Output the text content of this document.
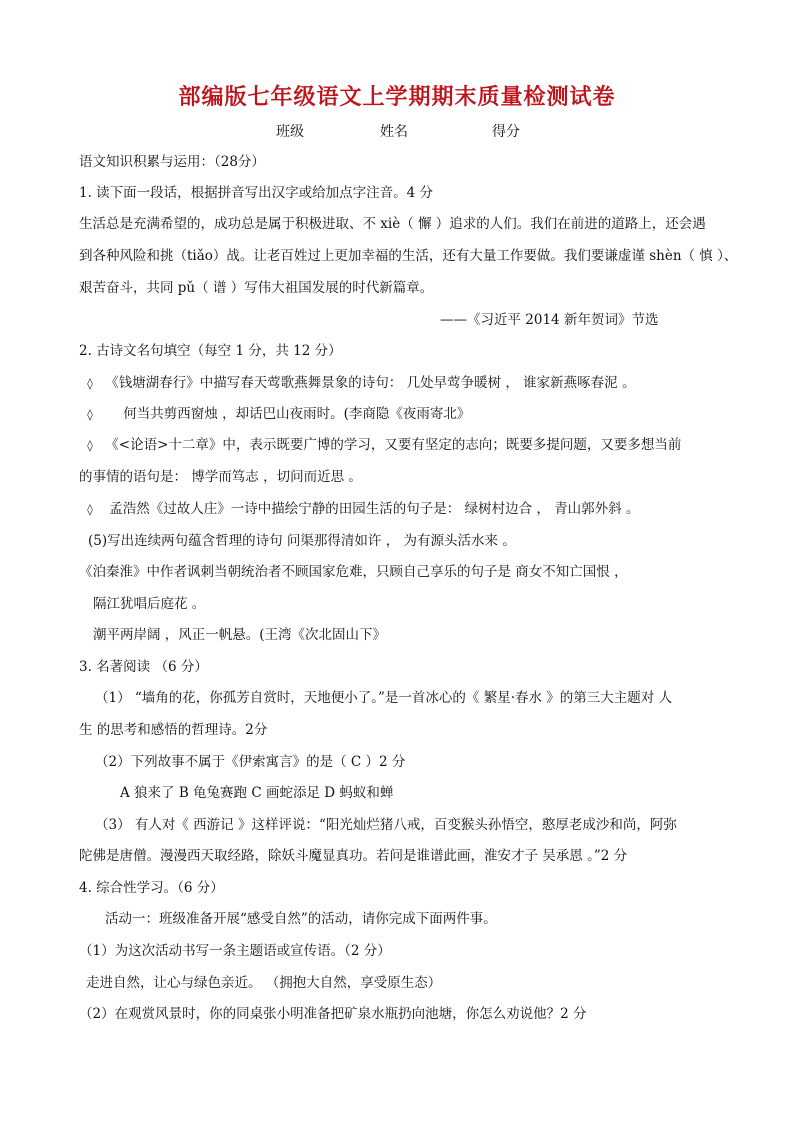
部编版七年级语文上学期期末质量检测试卷
班级	姓名	得分
语文知识积累与运用：（28分）
1. 读下面一段话，根据拼音写出汉字或给加点字注音。4 分
生活总是充满希望的，成功总是属于积极进取、不 xiè（ 懈 ）追求的人们。我们在前进的道路上，还会遇
到各种风险和挑（tiǎo）战。让老百姓过上更加幸福的生活，还有大量工作要做。我们要谦虚谨 shèn（ 慎 ）、
艰苦奋斗，共同 pǔ（ 谱 ）写伟大祖国发展的时代新篇章。
——《习近平 2014 新年贺词》节选
2. 古诗文名句填空（每空 1 分，共 12 分）
◊ 《钱塘湖春行》中描写春天莺歌燕舞景象的诗句： 几处早莺争暖树 ， 谁家新燕啄春泥 。
◊ 何当共剪西窗烛 ，却话巴山夜雨时。(李商隐《夜雨寄北》
◊ 《<论语>十二章》中，表示既要广博的学习，又要有坚定的志向；既要多提问题，又要多想当前
的事情的语句是： 博学而笃志 ，切问而近思 。
◊ 孟浩然《过故人庄》一诗中描绘宁静的田园生活的句子是： 绿树村边合 ， 青山郭外斜 。
(5)写出连续两句蕴含哲理的诗句 问渠那得清如许 ， 为有源头活水来 。
《泊秦淮》中作者讽刺当朝统治者不顾国家危难，只顾自己享乐的句子是 商女不知亡国恨 ，
隔江犹唱后庭花 。
潮平两岸阔 ，风正一帆悬。(王湾《次北固山下》
3. 名著阅读 （6 分）
（1） “墙角的花，你孤芳自赏时，天地便小了。”是一首冰心的《 繁星·春水 》的第三大主题对 人
生 的思考和感悟的哲理诗。2分
（2）下列故事不属于《伊索寓言》的是（ C ）2 分
A 狼来了 B 龟兔赛跑 C 画蛇添足 D 蚂蚁和蝉
（3） 有人对《 西游记 》这样评说：“阳光灿烂猪八戒，百变猴头孙悟空，憨厚老成沙和尚，阿弥
陀佛是唐僧。漫漫西天取经路，除妖斗魔显真功。若问是谁谱此画，淮安才子 吴承恩 。”2 分
4. 综合性学习。（6 分）
活动一：班级准备开展“感受自然”的活动，请你完成下面两件事。
（1）为这次活动书写一条主题语或宣传语。（2 分）
走进自然，让心与绿色亲近。 （拥抱大自然，享受原生态）
（2）在观赏风景时，你的同桌张小明准备把矿泉水瓶扔向池塘，你怎么劝说他？2 分
